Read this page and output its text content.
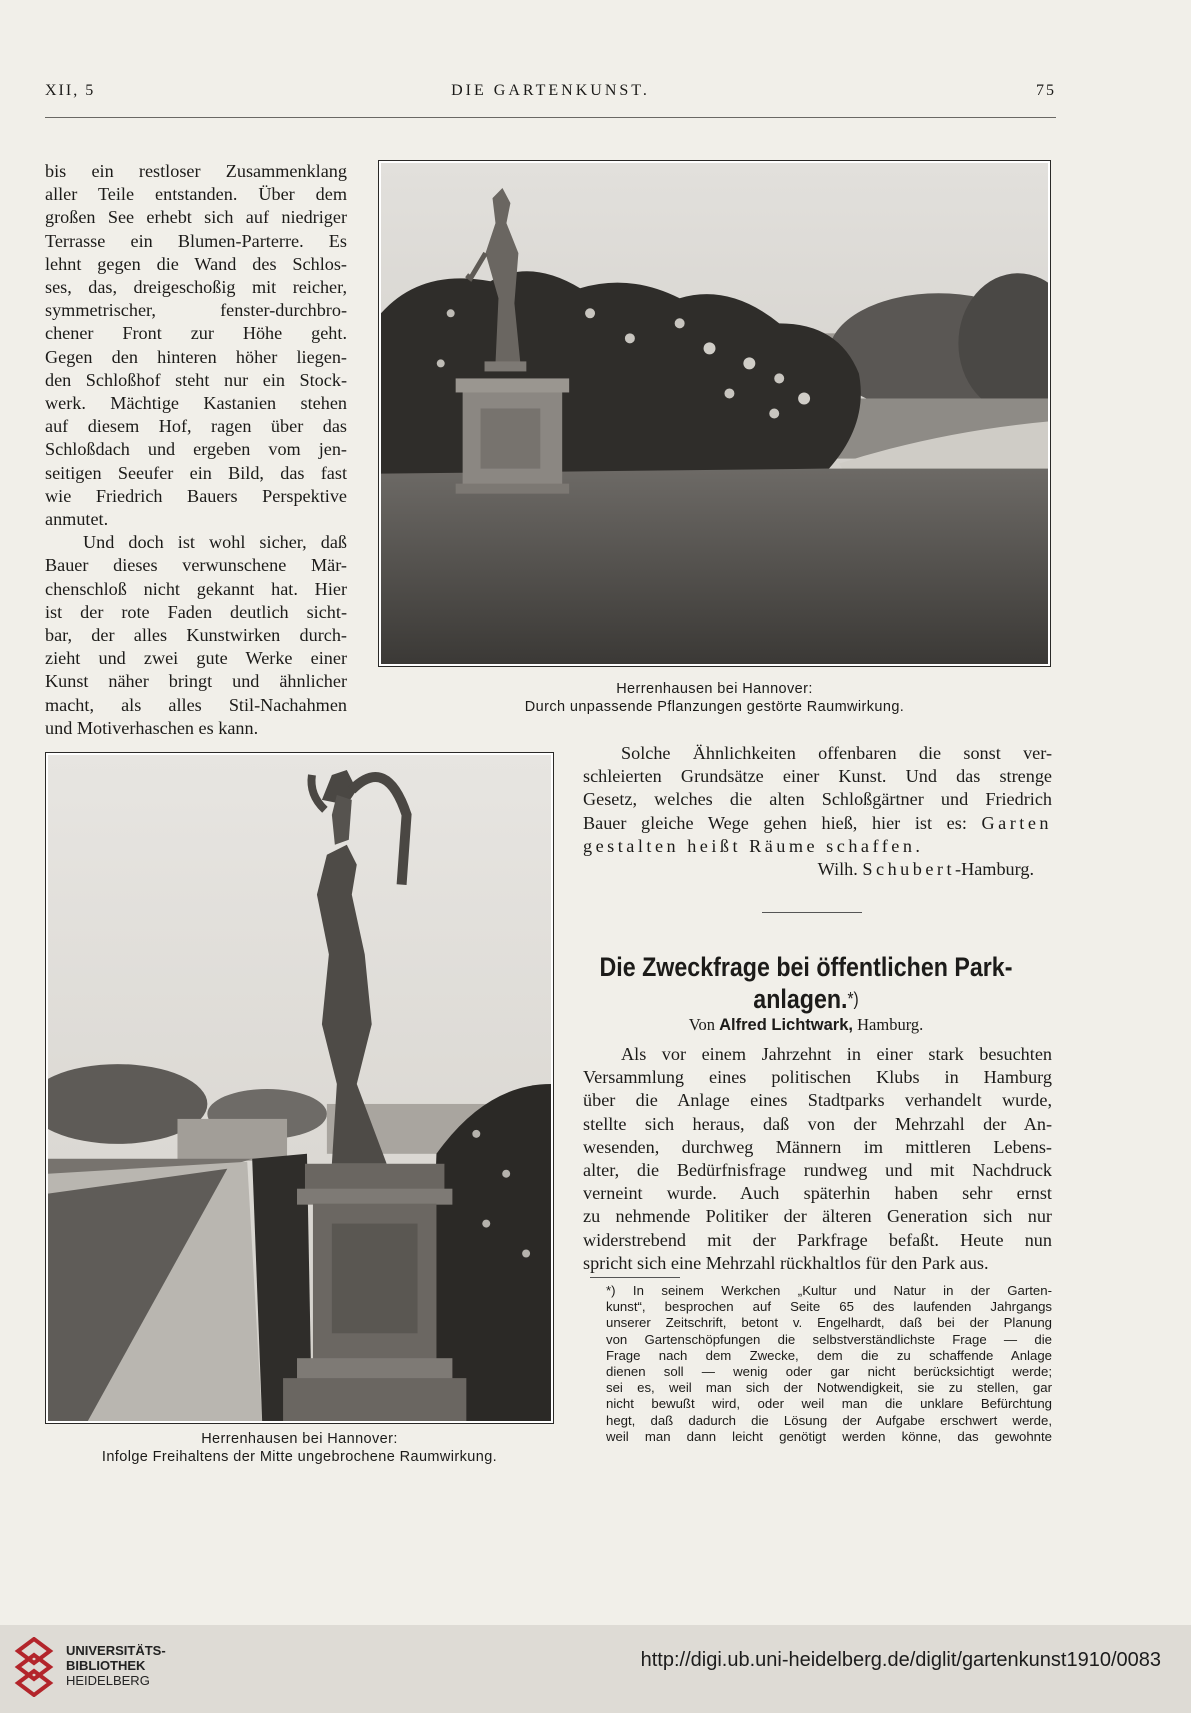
XII, 5	DIE GARTENKUNST.	75

bis ein restloser Zusammenklang

aller Teile entstanden. Über dem

großen See erhebt sich auf niedriger

Terrasse ein Blumen-Parterre. Es

lehnt gegen die Wand des Schlos-

ses, das, dreigeschoßig mit reicher,

symmetrischer, fenster-durchbro-

chener Front zur Höhe geht.

Gegen den hinteren höher liegen-

den Schloßhof steht nur ein Stock-

werk. Mächtige Kastanien stehen

auf diesem Hof, ragen über das

Schloßdach und ergeben vom jen-

seitigen Seeufer ein Bild, das fast

wie Friedrich Bauers Perspektive

anmutet.

Und doch ist wohl sicher, daß

Bauer dieses verwunschene Mär-

chenschloß nicht gekannt hat. Hier

ist der rote Faden deutlich sicht-

bar, der alles Kunstwirken durch-

zieht und zwei gute Werke einer

Kunst näher bringt und ähnlicher

macht, als alles Stil-Nachahmen

und Motiverhaschen es kann.

Herrenhausen bei Hannover:
Durch unpassende Pflanzungen gestörte Raumwirkung.
Herrenhausen bei Hannover:
Infolge Freihaltens der Mitte ungebrochene Raumwirkung.

Solche Ähnlichkeiten offenbaren die sonst ver-

schleierten Grundsätze einer Kunst. Und das strenge

Gesetz, welches die alten Schloßgärtner und Friedrich

Bauer gleiche Wege gehen hieß, hier ist es: Garten

gestalten heißt Räume schaffen.

Wilh. Schubert-Hamburg.

Die Zweckfrage bei öffentlichen Park-
anlagen.*)
Von Alfred Lichtwark, Hamburg.

Als vor einem Jahrzehnt in einer stark besuchten

Versammlung eines politischen Klubs in Hamburg

über die Anlage eines Stadtparks verhandelt wurde,

stellte sich heraus, daß von der Mehrzahl der An-

wesenden, durchweg Männern im mittleren Lebens-

alter, die Bedürfnisfrage rundweg und mit Nachdruck

verneint wurde. Auch späterhin haben sehr ernst

zu nehmende Politiker der älteren Generation sich nur

widerstrebend mit der Parkfrage befaßt. Heute nun

spricht sich eine Mehrzahl rückhaltlos für den Park aus.

*) In seinem Werkchen „Kultur und Natur in der Garten-

kunst“, besprochen auf Seite 65 des laufenden Jahrgangs

unserer Zeitschrift, betont v. Engelhardt, daß bei der Planung

von Gartenschöpfungen die selbstverständlichste Frage — die

Frage nach dem Zwecke, dem die zu schaffende Anlage

dienen soll — wenig oder gar nicht berücksichtigt werde;

sei es, weil man sich der Notwendigkeit, sie zu stellen, gar

nicht bewußt wird, oder weil man die unklare Befürchtung

hegt, daß dadurch die Lösung der Aufgabe erschwert werde,

weil man dann leicht genötigt werden könne, das gewohnte

UNIVERSITÄTS-
BIBLIOTHEK
HEIDELBERG
http://digi.ub.uni-heidelberg.de/diglit/gartenkunst1910/0083
